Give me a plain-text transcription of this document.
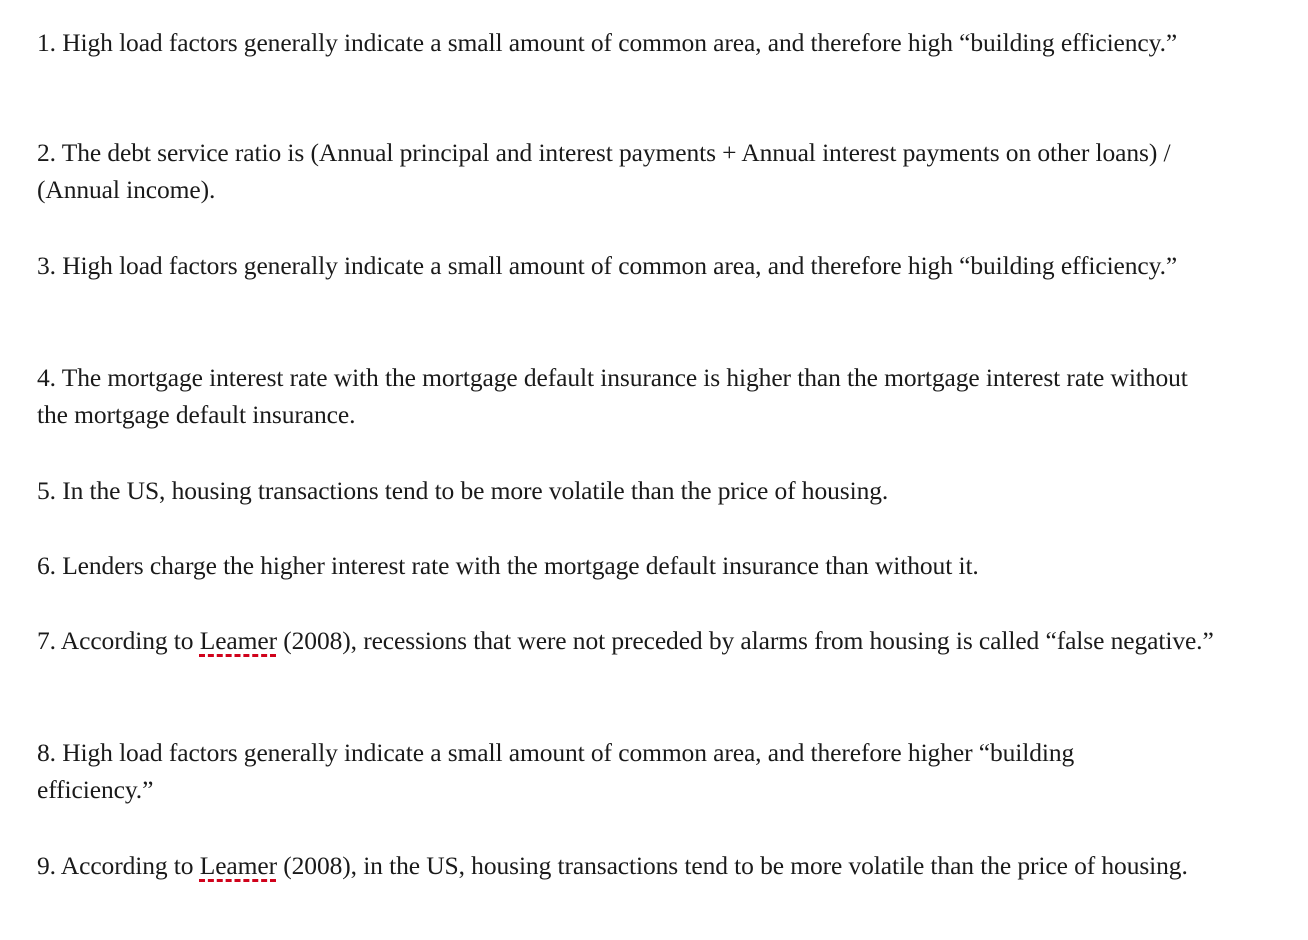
1. High load factors generally indicate a small amount of common area, and therefore high “building efficiency.”

2. The debt service ratio is (Annual principal and interest payments + Annual interest payments on other loans) / (Annual income).

3. High load factors generally indicate a small amount of common area, and therefore high “building efficiency.”

4. The mortgage interest rate with the mortgage default insurance is higher than the mortgage interest rate without the mortgage default insurance.

5. In the US, housing transactions tend to be more volatile than the price of housing.

6. Lenders charge the higher interest rate with the mortgage default insurance than without it.

7. According to Leamer (2008), recessions that were not preceded by alarms from housing is called “false negative.”

8. High load factors generally indicate a small amount of common area, and therefore higher “building efficiency.”

9. According to Leamer (2008), in the US, housing transactions tend to be more volatile than the price of housing.
